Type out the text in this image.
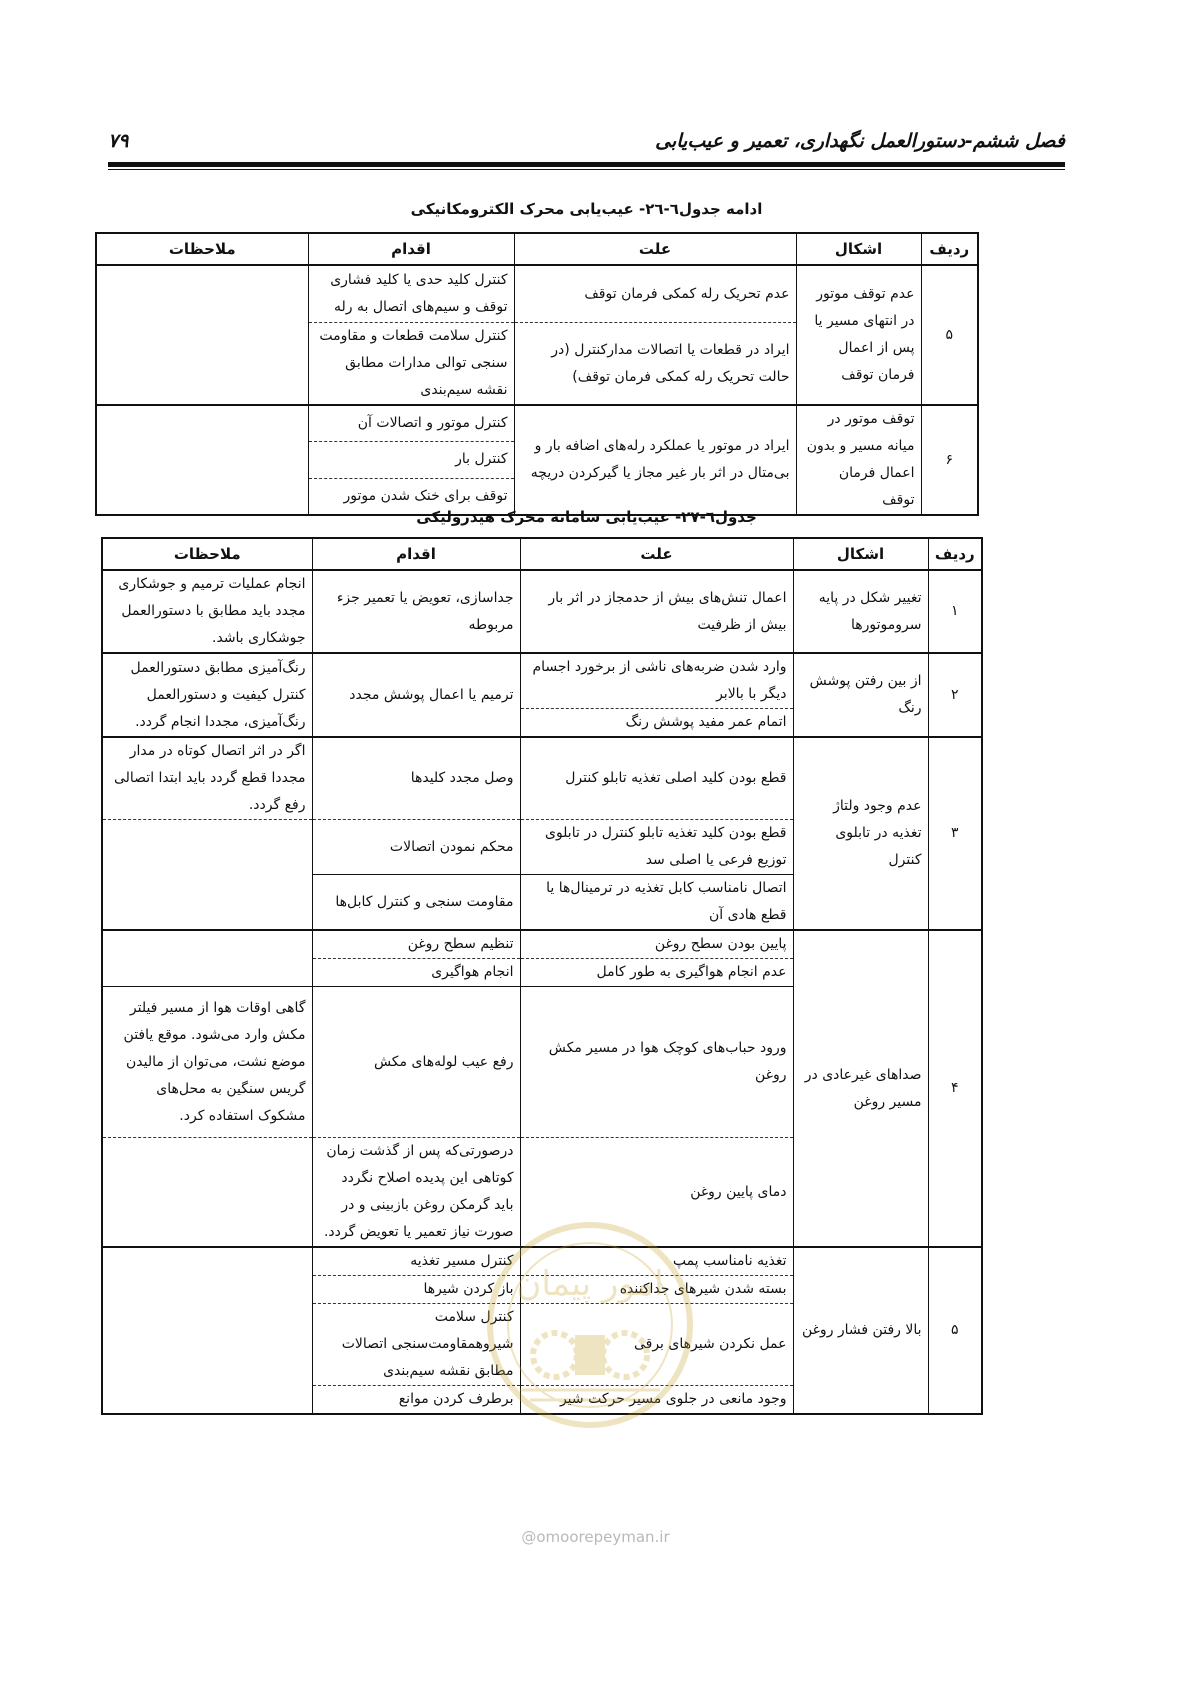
فصل ششم-دستورالعمل نگهداری، تعمیر و عیب‌یابی
۷۹
ادامه جدول٦-۲٦- عیب‌یابی محرک الکترومکانیکی
ردیف	اشکال	علت	اقدام	ملاحظات
۵	عدم توقف موتور در انتهای مسیر یا پس از اعمال فرمان توقف	عدم تحریک رله کمکی فرمان توقف	کنترل کلید حدی یا کلید فشاری توقف و سیم‌های اتصال به رله	
		ایراد در قطعات یا اتصالات مدارکنترل (در حالت تحریک رله کمکی فرمان توقف)	کنترل سلامت قطعات و مقاومت سنجی توالی مدارات مطابق نقشه سیم‌بندی	
۶	توقف موتور در میانه مسیر و بدون اعمال فرمان توقف	ایراد در موتور یا عملکرد رله‌های اضافه بار و بی‌متال در اثر بار غیر مجاز یا گیرکردن دریچه	کنترل موتور و اتصالات آن	
			کنترل بار	
			توقف برای خنک شدن موتور	
جدول٦-۲۷- عیب‌یابی سامانه محرک هیدرولیکی
ردیف	اشکال	علت	اقدام	ملاحظات
۱	تغییر شکل در پایه سروموتورها	اعمال تنش‌های بیش از حدمجاز در اثر بار بیش از ظرفیت	جداسازی، تعویض یا تعمیر جزء مربوطه	انجام عملیات ترمیم و جوشکاری مجدد باید مطابق با دستورالعمل جوشکاری باشد.
۲	از بین رفتن پوشش رنگ	وارد شدن ضربه‌های ناشی از برخورد اجسام دیگر با بالابر	ترمیم یا اعمال پوشش مجدد	رنگ‌آمیزی مطابق دستورالعمل کنترل کیفیت و دستورالعمل رنگ‌آمیزی، مجددا انجام گردد.
		اتمام عمر مفید پوشش رنگ		
۳	عدم وجود ولتاژ تغذیه در تابلوی کنترل	قطع بودن کلید اصلی تغذیه تابلو کنترل	وصل مجدد کلیدها	اگر در اثر اتصال کوتاه در مدار مجددا قطع گردد باید ابتدا اتصالی رفع گردد.
		قطع بودن کلید تغذیه تابلو کنترل در تابلوی توزیع فرعی یا اصلی سد	محکم نمودن اتصالات	
		اتصال نامناسب کابل تغذیه در ترمینال‌ها یا قطع هادی آن	مقاومت سنجی و کنترل کابل‌ها	
۴	صداهای غیرعادی در مسیر روغن	پایین بودن سطح روغن	تنظیم سطح روغن	
		عدم انجام هواگیری به طور کامل	انجام هواگیری	
		ورود حباب‌های کوچک هوا در مسیر مکش روغن	رفع عیب لوله‌های مکش	گاهی اوقات هوا از مسیر فیلتر مکش وارد می‌شود. موقع یافتن موضع نشت، می‌توان از مالیدن گریس سنگین به محل‌های مشکوک استفاده کرد.
		دمای پایین روغن	درصورتی‌که پس از گذشت زمان کوتاهی این پدیده اصلاح نگردد باید گرمکن روغن بازبینی و در صورت نیاز تعمیر یا تعویض گردد.	
۵	بالا رفتن فشار روغن	تغذیه نامناسب پمپ	کنترل مسیر تغذیه	
		بسته شدن شیرهای جداکننده	باز کردن شیرها	
		عمل نکردن شیرهای برقی	کنترل سلامت شیروهمقاومت‌سنجی اتصالات مطابق نقشه سیم‌بندی	
		وجود مانعی در جلوی مسیر حرکت شیر	برطرف کردن موانع	
امور پیمان
@omoorepeyman.ir
